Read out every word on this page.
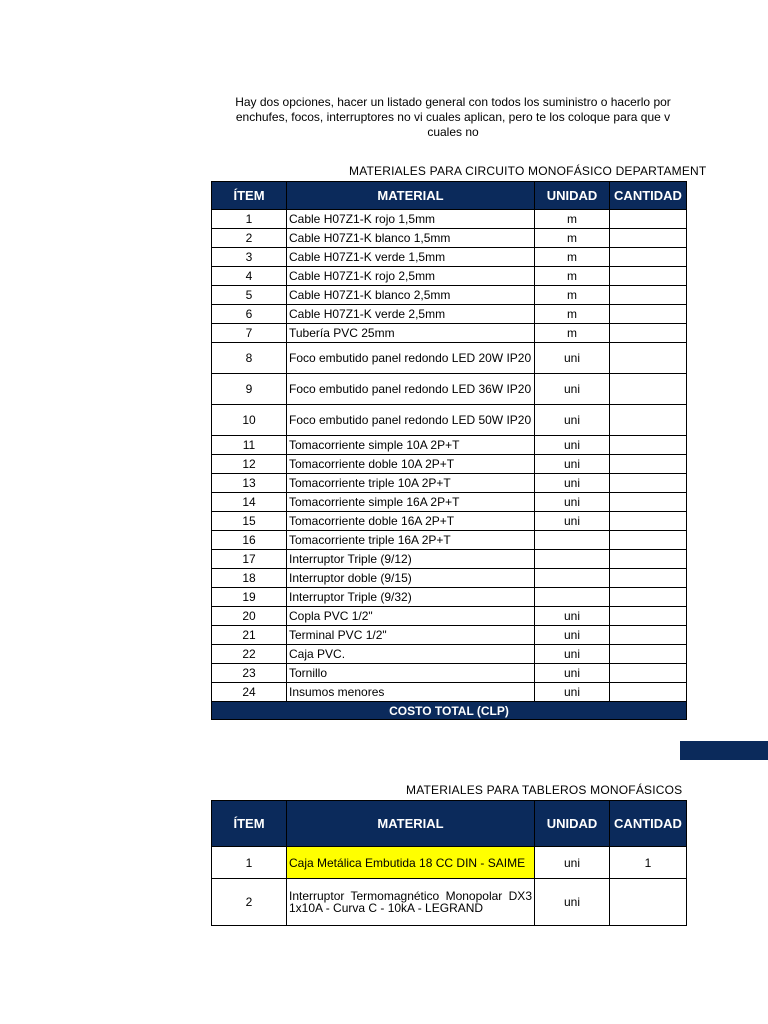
Hay dos opciones, hacer un listado general con todos los suministro o hacerlo por
enchufes, focos, interruptores no vi cuales aplican, pero te los coloque para que v
cuales no
MATERIALES PARA CIRCUITO MONOFÁSICO DEPARTAMENT
ÍTEM	MATERIAL	UNIDAD	CANTIDAD
1	Cable H07Z1-K rojo 1,5mm	m	
2	Cable H07Z1-K blanco 1,5mm	m	
3	Cable H07Z1-K verde 1,5mm	m	
4	Cable H07Z1-K rojo 2,5mm	m	
5	Cable H07Z1-K blanco 2,5mm	m	
6	Cable H07Z1-K verde 2,5mm	m	
7	Tubería PVC 25mm	m	
8	Foco embutido panel redondo LED 20W IP20	uni	
9	Foco embutido panel redondo LED 36W IP20	uni	
10	Foco embutido panel redondo LED 50W IP20	uni	
11	Tomacorriente simple 10A 2P+T	uni	
12	Tomacorriente doble 10A 2P+T	uni	
13	Tomacorriente triple 10A 2P+T	uni	
14	Tomacorriente simple 16A 2P+T	uni	
15	Tomacorriente doble 16A 2P+T	uni	
16	Tomacorriente triple 16A 2P+T		
17	Interruptor Triple (9/12)		
18	Interruptor doble (9/15)		
19	Interruptor Triple (9/32)		
20	Copla PVC 1/2"	uni	
21	Terminal PVC 1/2"	uni	
22	Caja PVC.	uni	
23	Tornillo	uni	
24	Insumos menores	uni	
COSTO TOTAL (CLP)			
MATERIALES PARA TABLEROS MONOFÁSICOS
ÍTEM	MATERIAL	UNIDAD	CANTIDAD
1	Caja Metálica Embutida 18 CC DIN - SAIME	uni	1
2	Interruptor Termomagnético Monopolar DX3 1x10A - Curva C - 10kA - LEGRAND	uni	
